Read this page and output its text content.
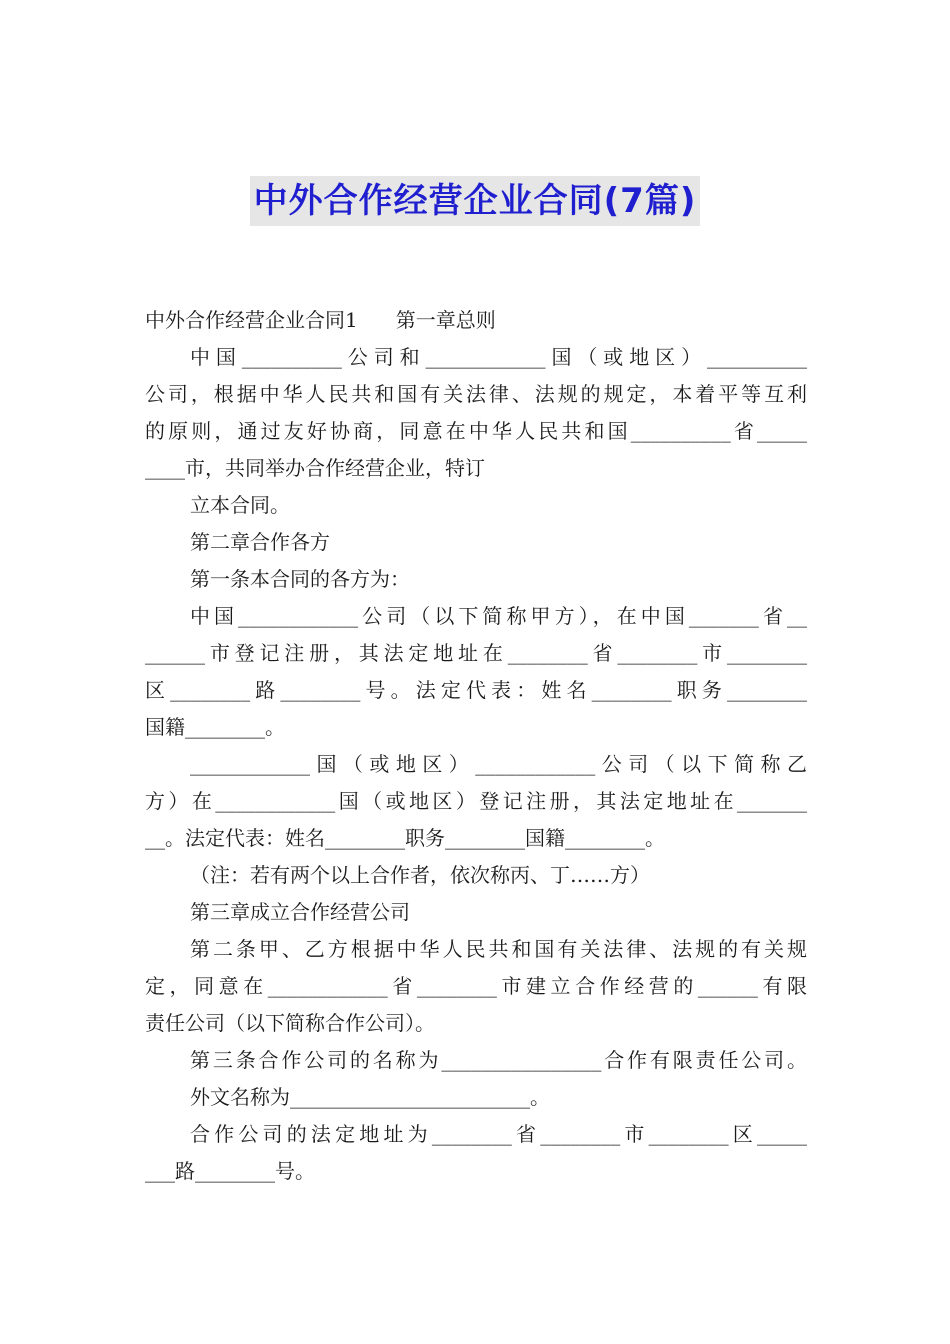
中外合作经营企业合同(7篇)
中外合作经营企业合同1 第一章总则
中国__________公司和____________国（或地区）__________
公司，根据中华人民共和国有关法律、法规的规定，本着平等互利
的原则，通过友好协商，同意在中华人民共和国__________省_____
____市，共同举办合作经营企业，特订
立本合同。
第二章合作各方
第一条本合同的各方为：
中国____________公司（以下简称甲方），在中国_______省__
______市登记注册，其法定地址在________省________市________
区________路________号。法定代表：姓名________职务________
国籍________。
____________国（或地区）____________公司（以下简称乙
方）在____________国（或地区）登记注册，其法定地址在_______
__。法定代表：姓名________职务________国籍________。
（注：若有两个以上合作者，依次称丙、丁……方）
第三章成立合作经营公司
第二条甲、乙方根据中华人民共和国有关法律、法规的有关规
定，同意在____________省________市建立合作经营的______有限
责任公司（以下简称合作公司）。
第三条合作公司的名称为________________合作有限责任公司。
外文名称为________________________。
合作公司的法定地址为________省________市________区_____
___路________号。
